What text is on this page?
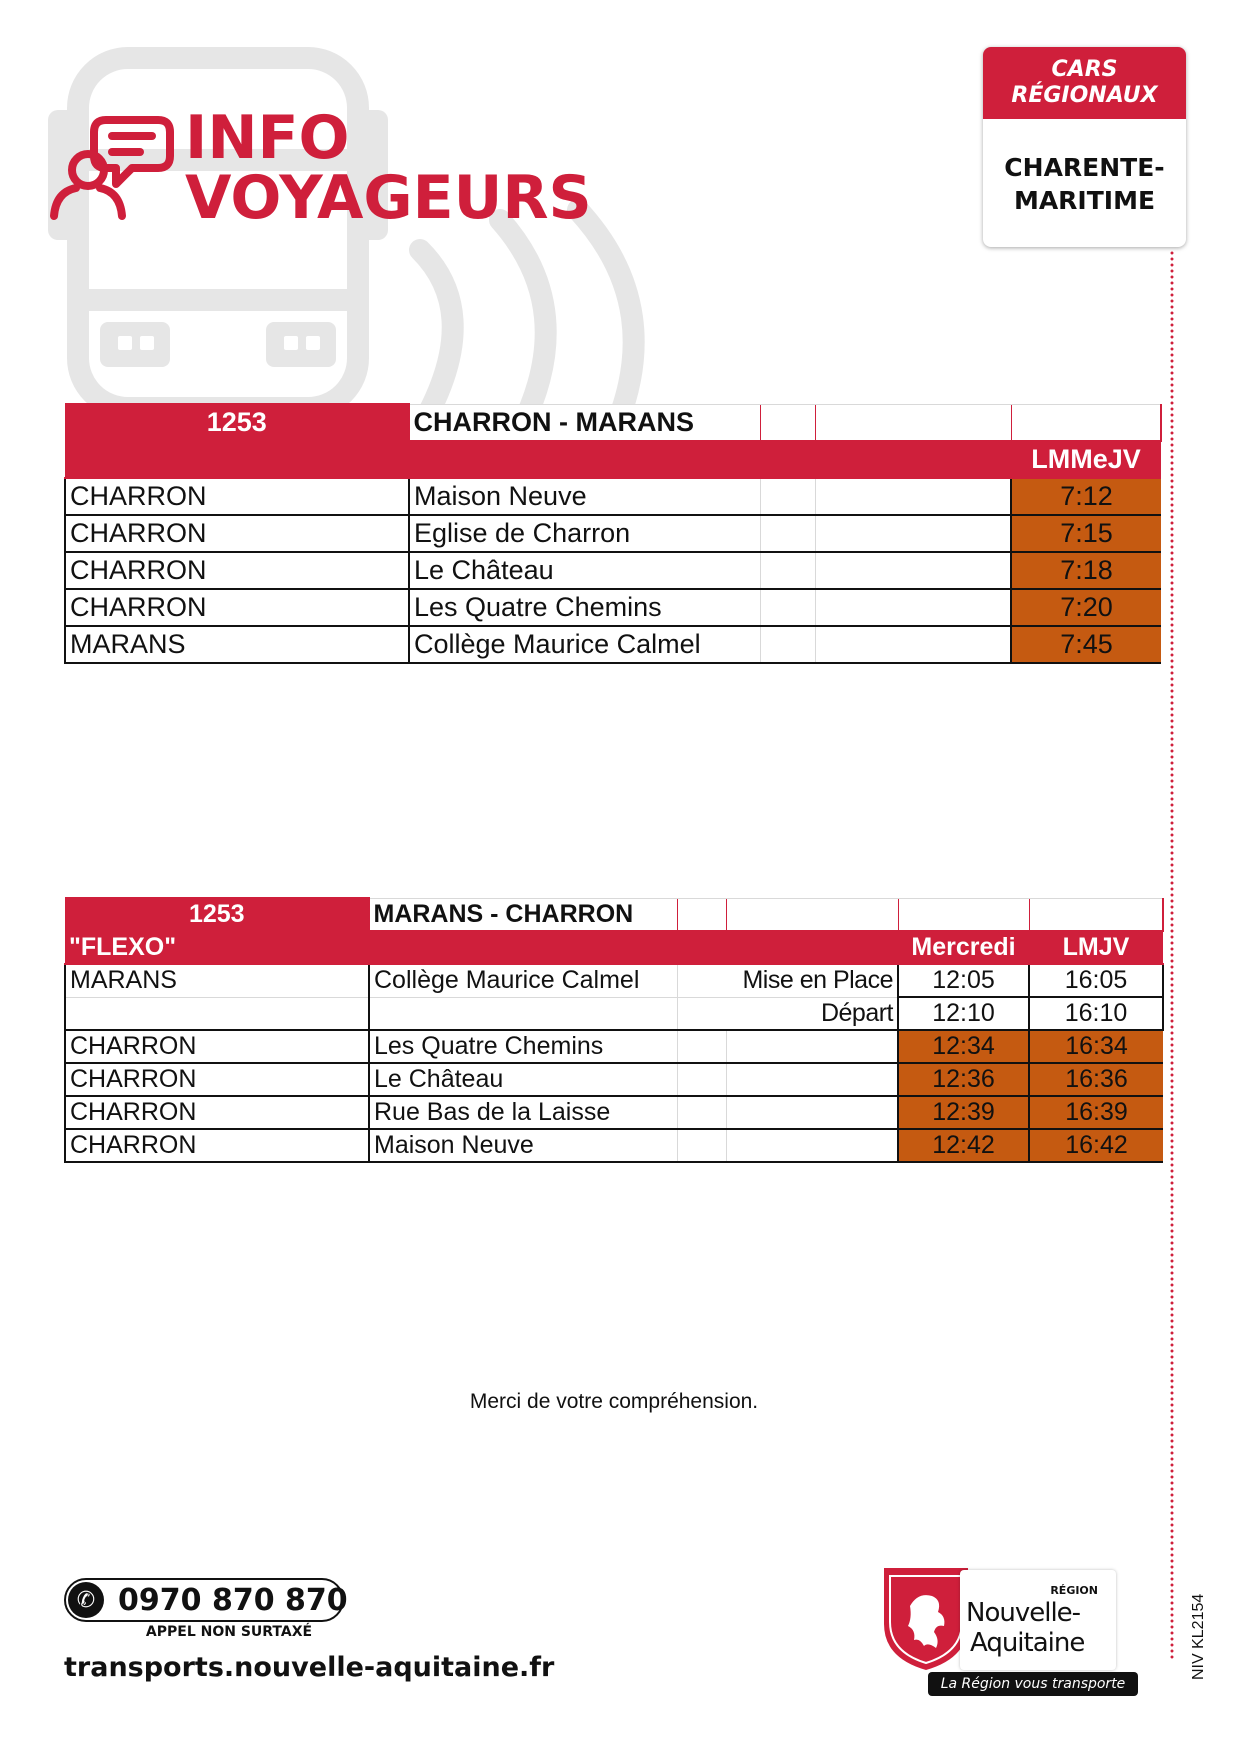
INFO
VOYAGEURS
CARS
RÉGIONAUX
CHARENTE-
MARITIME
1253	CHARRON - MARANS			
				LMMeJV
CHARRON	Maison Neuve			7:12
CHARRON	Eglise de Charron			7:15
CHARRON	Le Château			7:18
CHARRON	Les Quatre Chemins			7:20
MARANS	Collège Maurice Calmel			7:45
1253	MARANS - CHARRON				
"FLEXO"				Mercredi	LMJV
MARANS	Collège Maurice Calmel		Mise en Place	12:05	16:05
			Départ	12:10	16:10
CHARRON	Les Quatre Chemins			12:34	16:34
CHARRON	Le Château			12:36	16:36
CHARRON	Rue Bas de la Laisse			12:39	16:39
CHARRON	Maison Neuve			12:42	16:42
Merci de votre compréhension.
✆ 0970 870 870
APPEL NON SURTAXÉ
transports.nouvelle-aquitaine.fr
RÉGION
Nouvelle-
Aquitaine
La Région vous transporte
NIV KL2154
